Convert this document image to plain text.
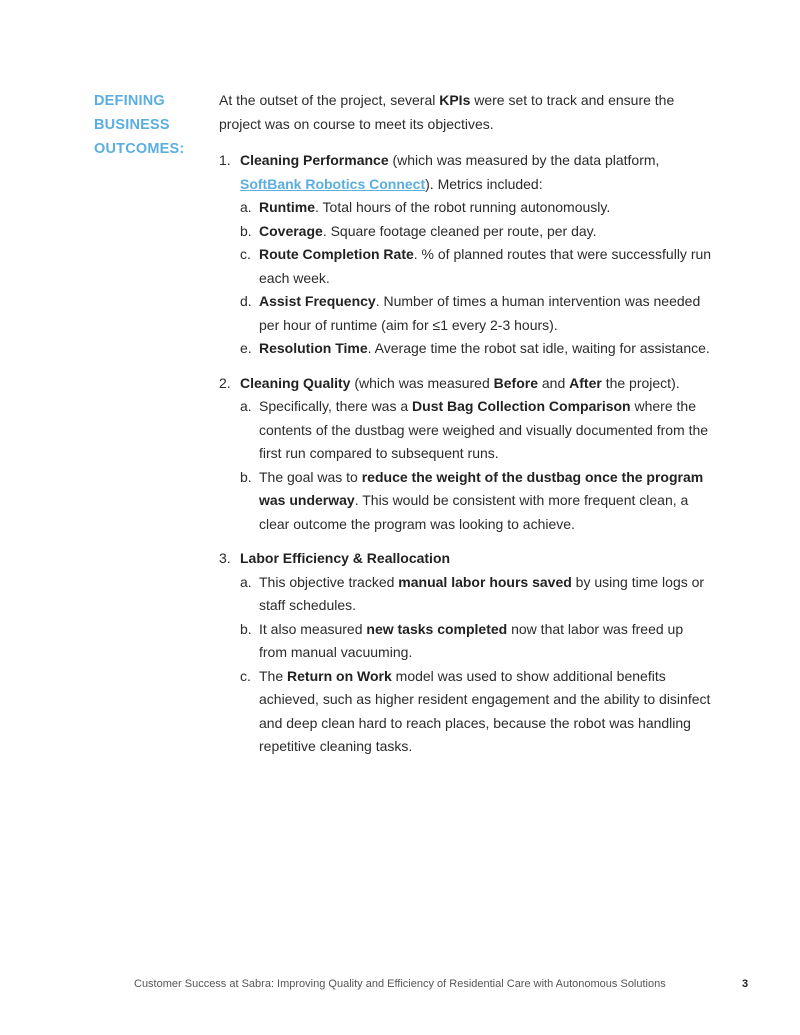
DEFINING
BUSINESS
OUTCOMES:

At the outset of the project, several KPIs were set to track and ensure the project was on course to meet its objectives.

1. Cleaning Performance (which was measured by the data platform, SoftBank Robotics Connect). Metrics included:

a. Runtime. Total hours of the robot running autonomously.

b. Coverage. Square footage cleaned per route, per day.

c. Route Completion Rate. % of planned routes that were successfully run each week.

d. Assist Frequency. Number of times a human intervention was needed per hour of runtime (aim for ≤1 every 2-3 hours).

e. Resolution Time. Average time the robot sat idle, waiting for assistance.

2. Cleaning Quality (which was measured Before and After the project).

a. Specifically, there was a Dust Bag Collection Comparison where the contents of the dustbag were weighed and visually documented from the first run compared to subsequent runs.

b. The goal was to reduce the weight of the dustbag once the program was underway. This would be consistent with more frequent clean, a clear outcome the program was looking to achieve.

3. Labor Efficiency & Reallocation

a. This objective tracked manual labor hours saved by using time logs or staff schedules.

b. It also measured new tasks completed now that labor was freed up from manual vacuuming.

c. The Return on Work model was used to show additional benefits achieved, such as higher resident engagement and the ability to disinfect and deep clean hard to reach places, because the robot was handling repetitive cleaning tasks.

Customer Success at Sabra: Improving Quality and Efficiency of Residential Care with Autonomous Solutions	3
